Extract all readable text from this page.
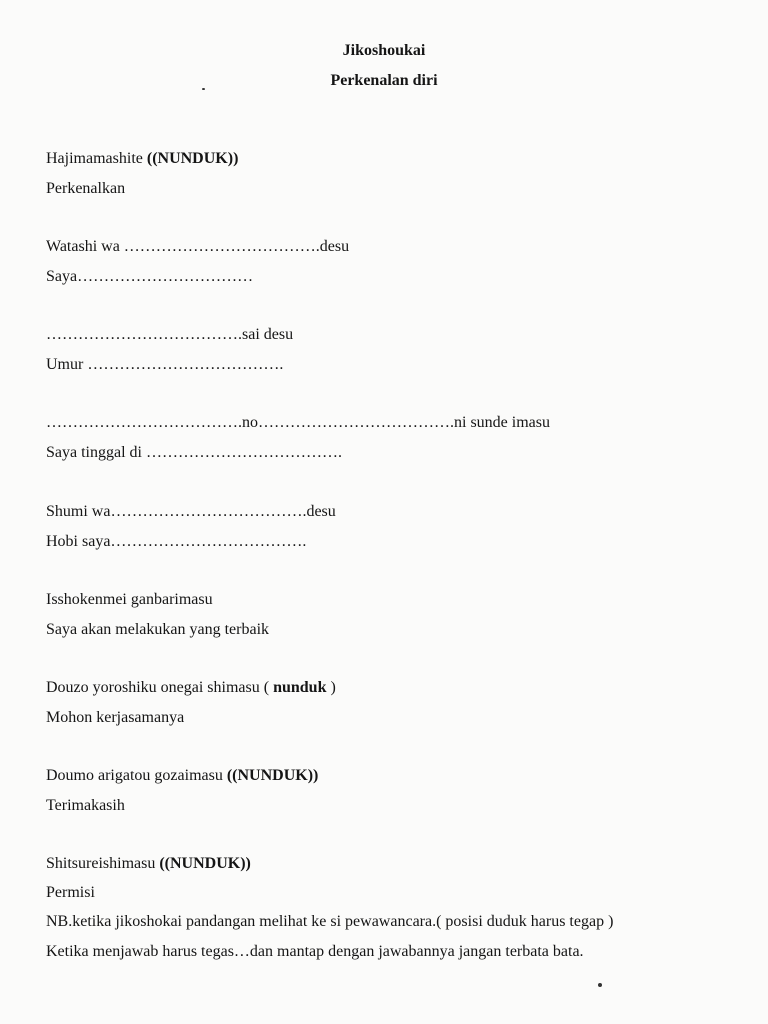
Jikoshoukai
Perkenalan diri
Hajimamashite ((NUNDUK))
Perkenalkan
Watashi wa ……………………………….desu
Saya……………………………
……………………………….sai desu
Umur ……………………………….
……………………………….no……………………………….ni sunde imasu
Saya tinggal di ……………………………….
Shumi wa……………………………….desu
Hobi saya……………………………….
Isshokenmei ganbarimasu
Saya akan melakukan yang terbaik
Douzo yoroshiku onegai shimasu ( nunduk )
Mohon kerjasamanya
Doumo arigatou gozaimasu ((NUNDUK))
Terimakasih
Shitsureishimasu ((NUNDUK))
Permisi
NB.ketika jikoshokai pandangan melihat ke si pewawancara.( posisi duduk harus tegap )
Ketika menjawab harus tegas…dan mantap dengan jawabannya jangan terbata bata.
